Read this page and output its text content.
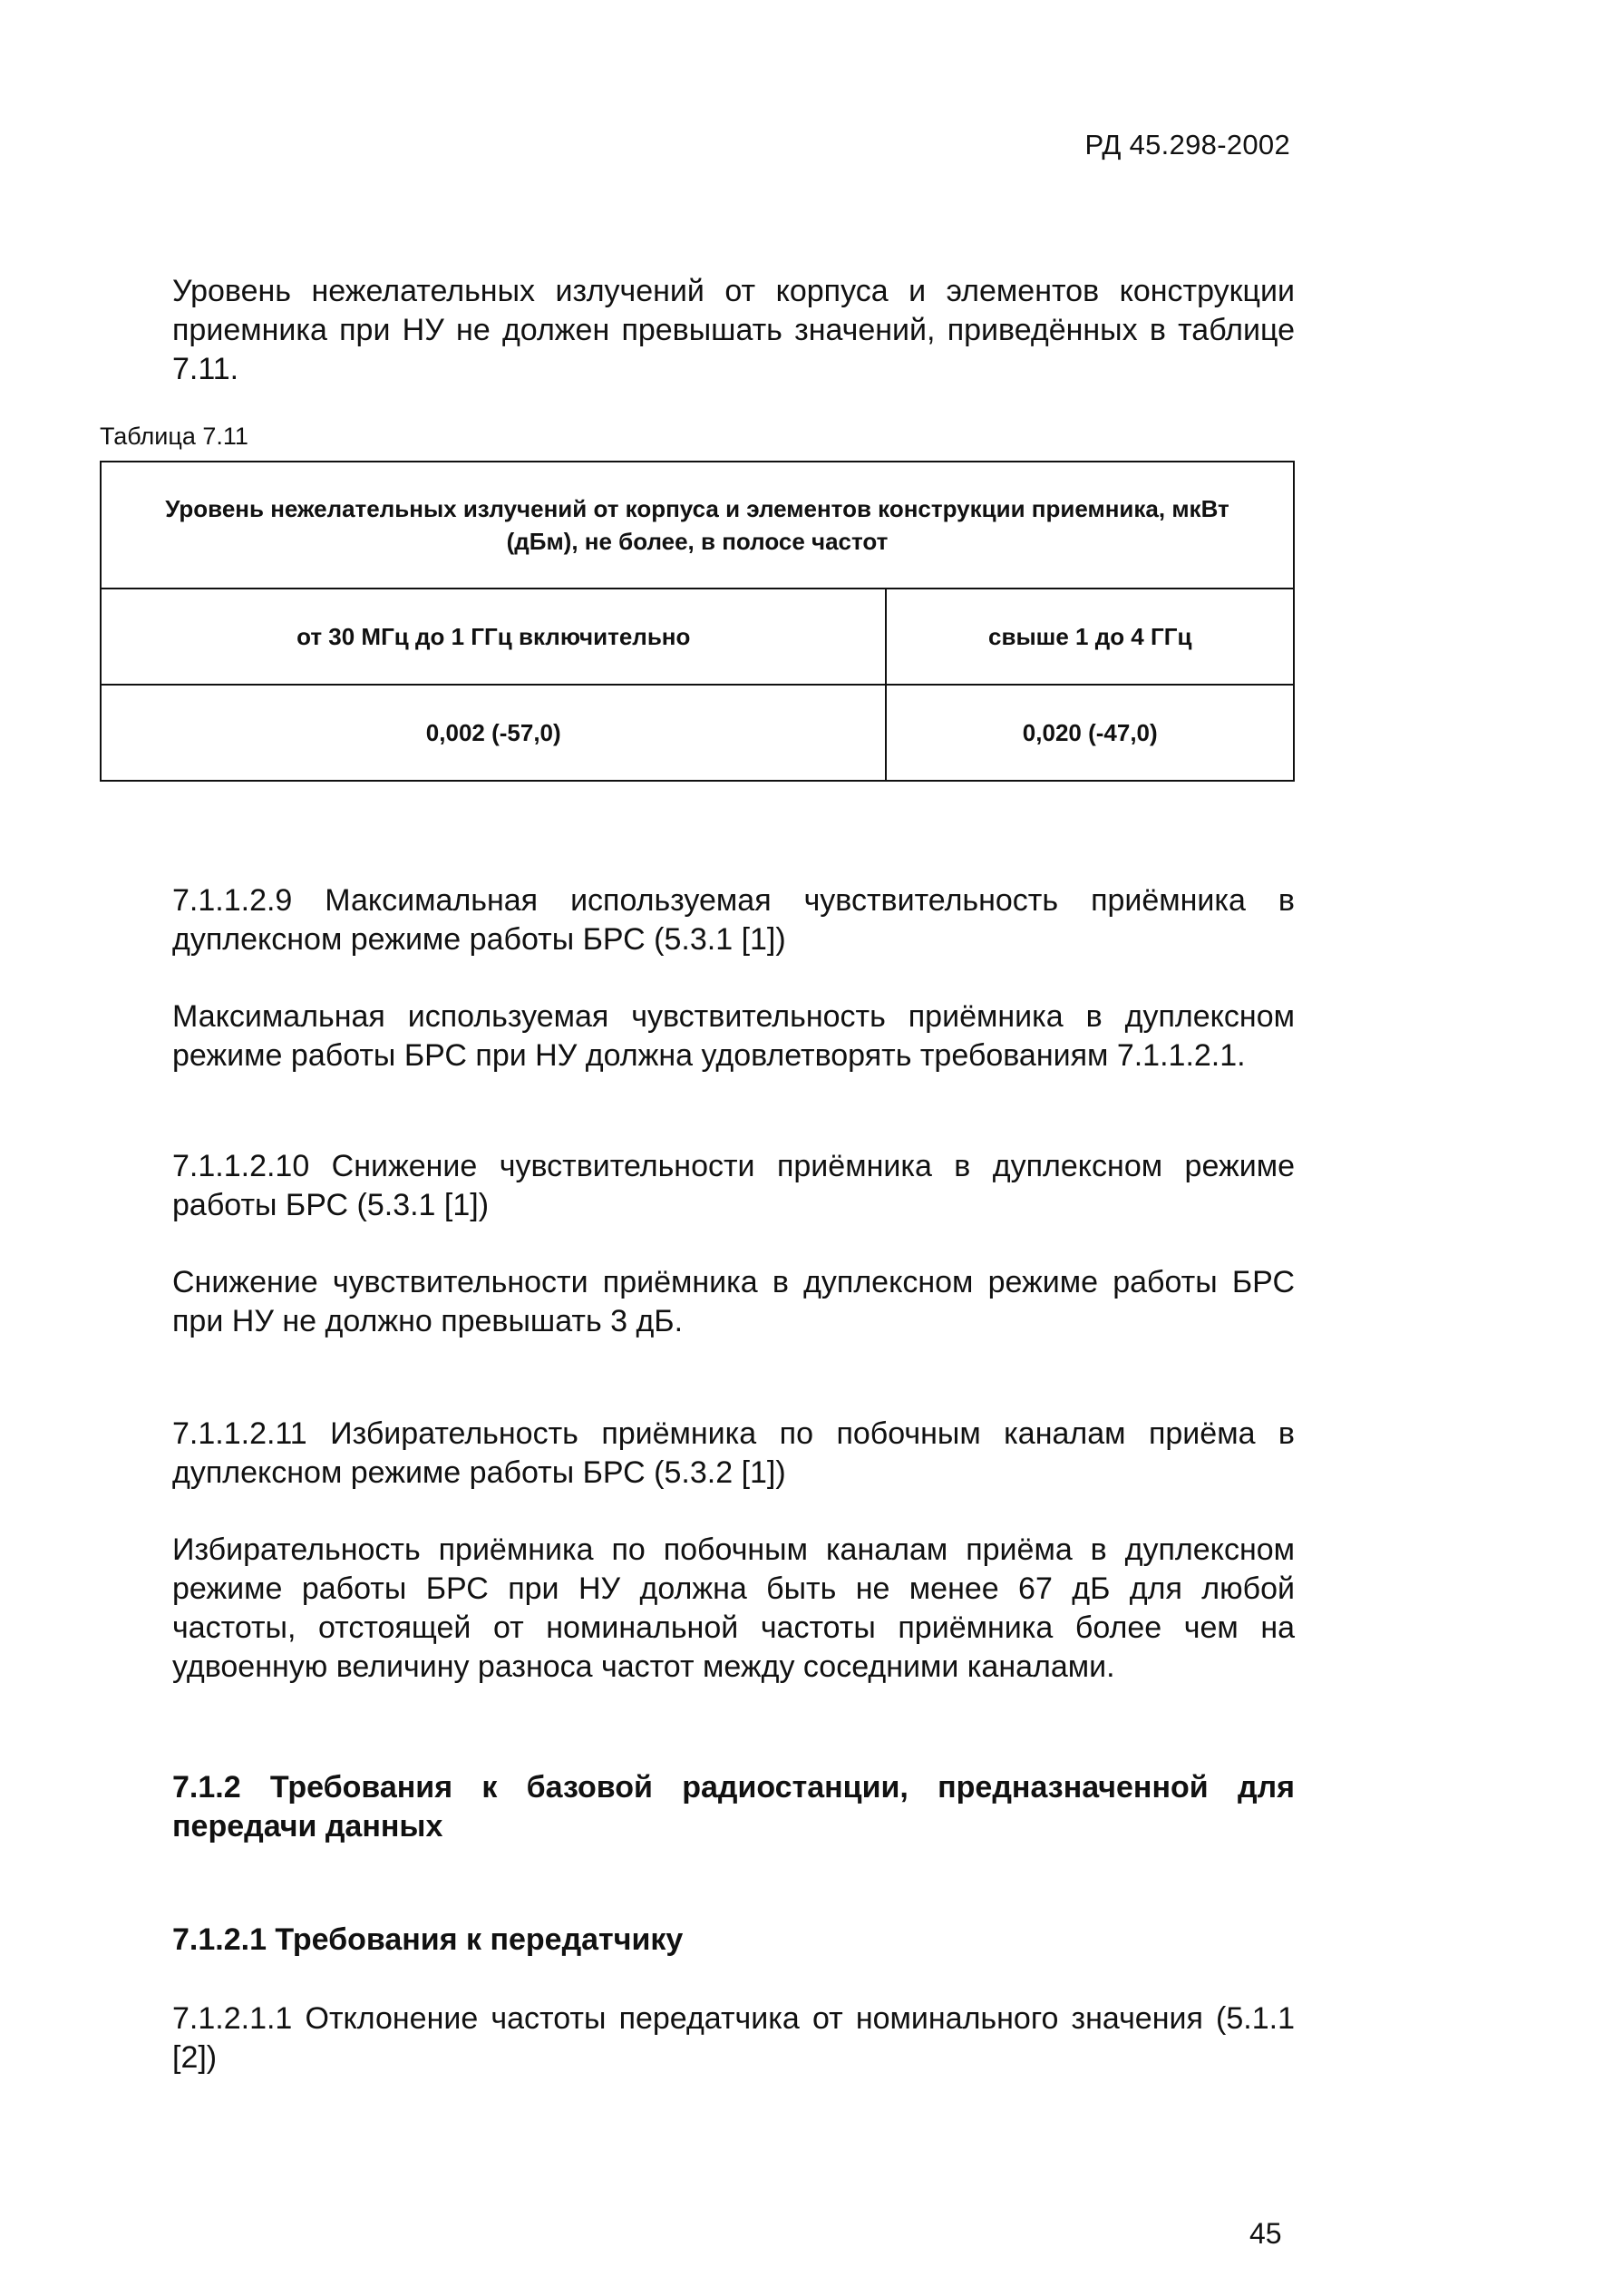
РД 45.298-2002

Уровень нежелательных излучений от корпуса и элементов конструкции приемника при НУ не должен превышать значений, приведённых в таблице 7.11.

Таблица 7.11
Уровень нежелательных излучений от корпуса и элементов конструкции приемника, мкВт (дБм), не более, в полосе частот	
от 30 МГц до 1 ГГц включительно	свыше 1 до 4 ГГц
0,002 (-57,0)	0,020 (-47,0)

7.1.1.2.9 Максимальная используемая чувствительность приёмника в дуплексном режиме работы БРС (5.3.1 [1])

Максимальная используемая чувствительность приёмника в дуплексном режиме работы БРС при НУ должна удовлетворять требованиям 7.1.1.2.1.

7.1.1.2.10 Снижение чувствительности приёмника в дуплексном режиме работы БРС (5.3.1 [1])

Снижение чувствительности приёмника в дуплексном режиме работы БРС при НУ не должно превышать 3 дБ.

7.1.1.2.11 Избирательность приёмника по побочным каналам приёма в дуплексном режиме работы БРС (5.3.2 [1])

Избирательность приёмника по побочным каналам приёма в дуплексном режиме работы БРС при НУ должна быть не менее 67 дБ для любой частоты, отстоящей от номинальной частоты приёмника более чем на удвоенную величину разноса частот между соседними каналами.

7.1.2 Требования к базовой радиостанции, предназначенной для передачи данных

7.1.2.1 Требования к передатчику

7.1.2.1.1 Отклонение частоты передатчика от номинального значения (5.1.1 [2])

45
